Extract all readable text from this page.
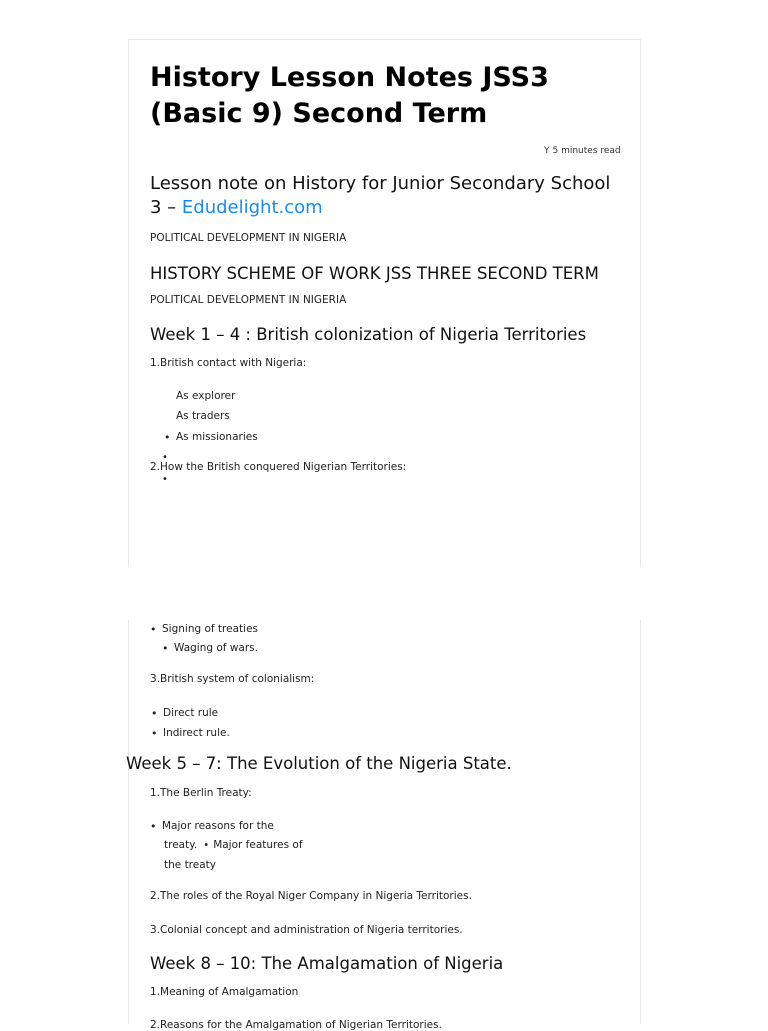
History Lesson Notes JSS3 (Basic 9) Second Term
Y 5 minutes read
Lesson note on History for Junior Secondary School 3 – Edudelight.com
POLITICAL DEVELOPMENT IN NIGERIA
HISTORY SCHEME OF WORK JSS THREE SECOND TERM
POLITICAL DEVELOPMENT IN NIGERIA
Week 1 – 4 : British colonization of Nigeria Territories
1.British contact with Nigeria:
As explorer
As traders
• As missionaries
•
2.How the British conquered Nigerian Territories:
•
• Signing of treaties
• Waging of wars.
3.British system of colonialism:
• Direct rule
• Indirect rule.
Week 5 – 7: The Evolution of the Nigeria State.
1.The Berlin Treaty:
• Major reasons for the
treaty. • Major features of
the treaty
2.The roles of the Royal Niger Company in Nigeria Territories.
3.Colonial concept and administration of Nigeria territories.
Week 8 – 10: The Amalgamation of Nigeria
1.Meaning of Amalgamation
2.Reasons for the Amalgamation of Nigerian Territories.
